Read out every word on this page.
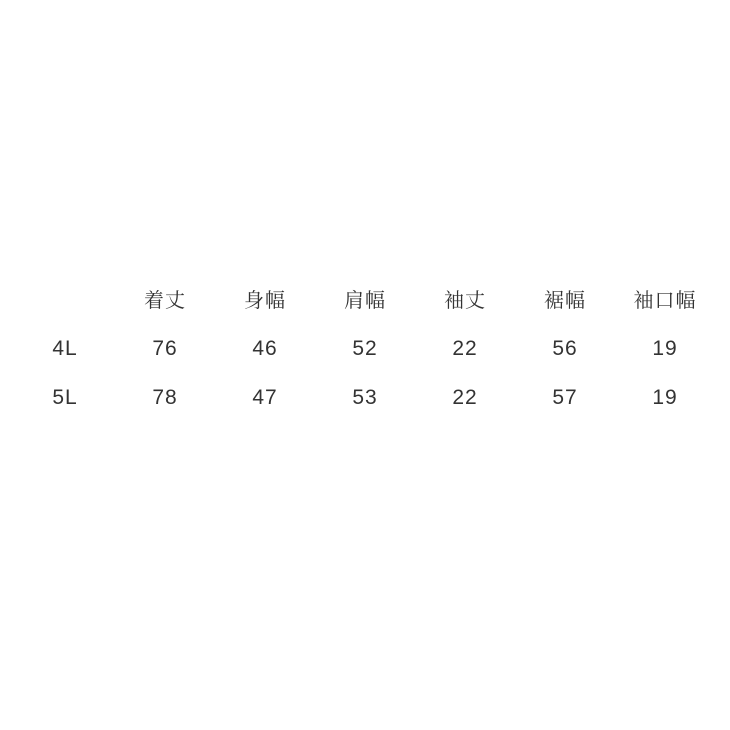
	着丈	身幅	肩幅	袖丈	裾幅	袖口幅
4L	76	46	52	22	56	19
5L	78	47	53	22	57	19
